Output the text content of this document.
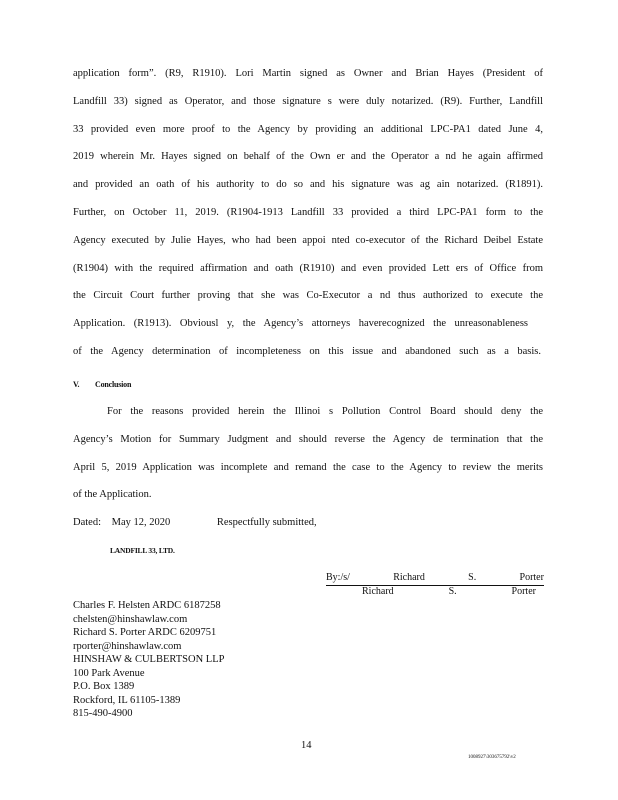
application form”. (R9, R1910). Lori Martin signed as Owner and Brian Hayes (President of
Landfill 33) signed as Operator, and those signature s were duly notarized. (R9). Further, Landfill
33 provided even more proof to the Agency by providing an additional LPC-PA1 dated June 4,
2019 wherein Mr. Hayes signed on behalf of the Own er and the Operator a nd he again affirmed
and provided an oath of his authority to do so and his signature was ag ain notarized. (R1891).
Further, on October 11, 2019. (R1904-1913 Landfill 33 provided a third LPC-PA1 form to the
Agency executed by Julie Hayes, who had been appoi nted co-executor of the Richard Deibel Estate
(R1904) with the required affirmation and oath (R1910) and even provided Lett ers of Office from
the Circuit Court further proving that she was Co-Executor a nd thus authorized to execute the
Application. (R1913). Obviousl y, the Agency’s attorneys haverecognized the unreasonableness
of the Agency determination of incompleteness on this issue and abandoned such as a basis.
V. Conclusion
For the reasons provided herein the Illinoi s Pollution Control Board should deny the
Agency’s Motion for Summary Judgment and should reverse the Agency de termination that the
April 5, 2019 Application was incomplete and remand the case to the Agency to review the merits
of the Application.
Dated: May 12, 2020	Respectfully submitted,
LANDFILL 33, LTD.
By:/s/	Richard	S.	Porter
Richard	S.	Porter
Charles F. Helsten ARDC 6187258
chelsten@hinshawlaw.com
Richard S. Porter ARDC 6209751
rporter@hinshawlaw.com
HINSHAW & CULBERTSON LLP
100 Park Avenue
P.O. Box 1389
Rockford, IL 61105-1389
815-490-4900
14
1008927\303675792\v2
